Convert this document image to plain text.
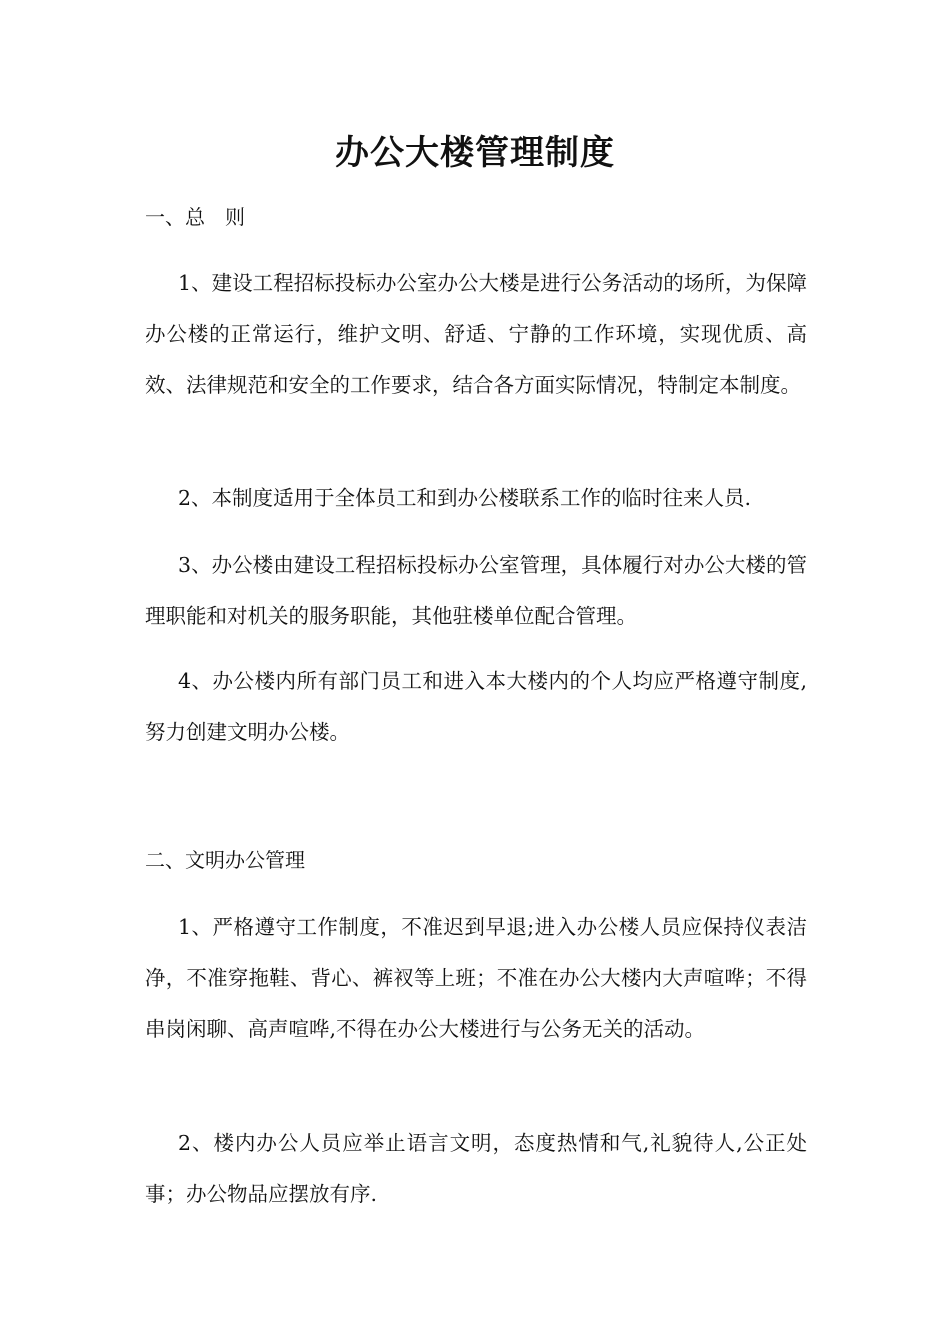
办公大楼管理制度

一、总　则

1、建设工程招标投标办公室办公大楼是进行公务活动的场所，为保障办公楼的正常运行，维护文明、舒适、宁静的工作环境，实现优质、高效、法律规范和安全的工作要求，结合各方面实际情况，特制定本制度。

2、本制度适用于全体员工和到办公楼联系工作的临时往来人员.

3、办公楼由建设工程招标投标办公室管理，具体履行对办公大楼的管理职能和对机关的服务职能，其他驻楼单位配合管理。

4、办公楼内所有部门员工和进入本大楼内的个人均应严格遵守制度,努力创建文明办公楼。

二、文明办公管理

1、严格遵守工作制度，不准迟到早退;进入办公楼人员应保持仪表洁净，不准穿拖鞋、背心、裤衩等上班；不准在办公大楼内大声喧哗；不得串岗闲聊、高声喧哗,不得在办公大楼进行与公务无关的活动。

2、楼内办公人员应举止语言文明，态度热情和气,礼貌待人,公正处事；办公物品应摆放有序.
